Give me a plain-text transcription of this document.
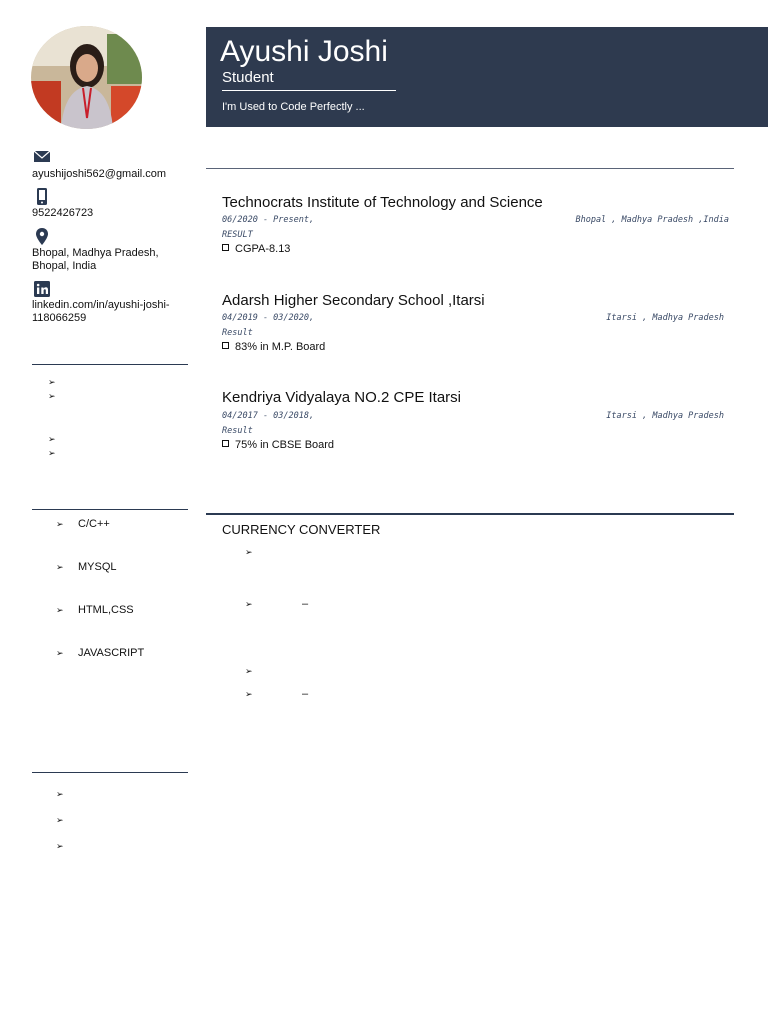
ayushijoshi562@gmail.com
9522426723
Bhopal, Madhya Pradesh, Bhopal, India
linkedin.com/in/ayushi-joshi-118066259
➢
➢
➢
➢
➢ C/C++
➢ MYSQL
➢ HTML,CSS
➢ JAVASCRIPT
➢
➢
➢
Ayushi Joshi
Student
I'm Used to Code Perfectly ...
Technocrats Institute of Technology and Science
06/2020 - Present,	Bhopal , Madhya Pradesh ,India
RESULT
CGPA-8.13
Adarsh Higher Secondary School ,Itarsi
04/2019 - 03/2020,	Itarsi , Madhya Pradesh
Result
83% in M.P. Board
Kendriya Vidyalaya NO.2 CPE Itarsi
04/2017 - 03/2018,	Itarsi , Madhya Pradesh
Result
75% in CBSE Board
CURRENCY CONVERTER
➢
➢	–
➢
➢	–
